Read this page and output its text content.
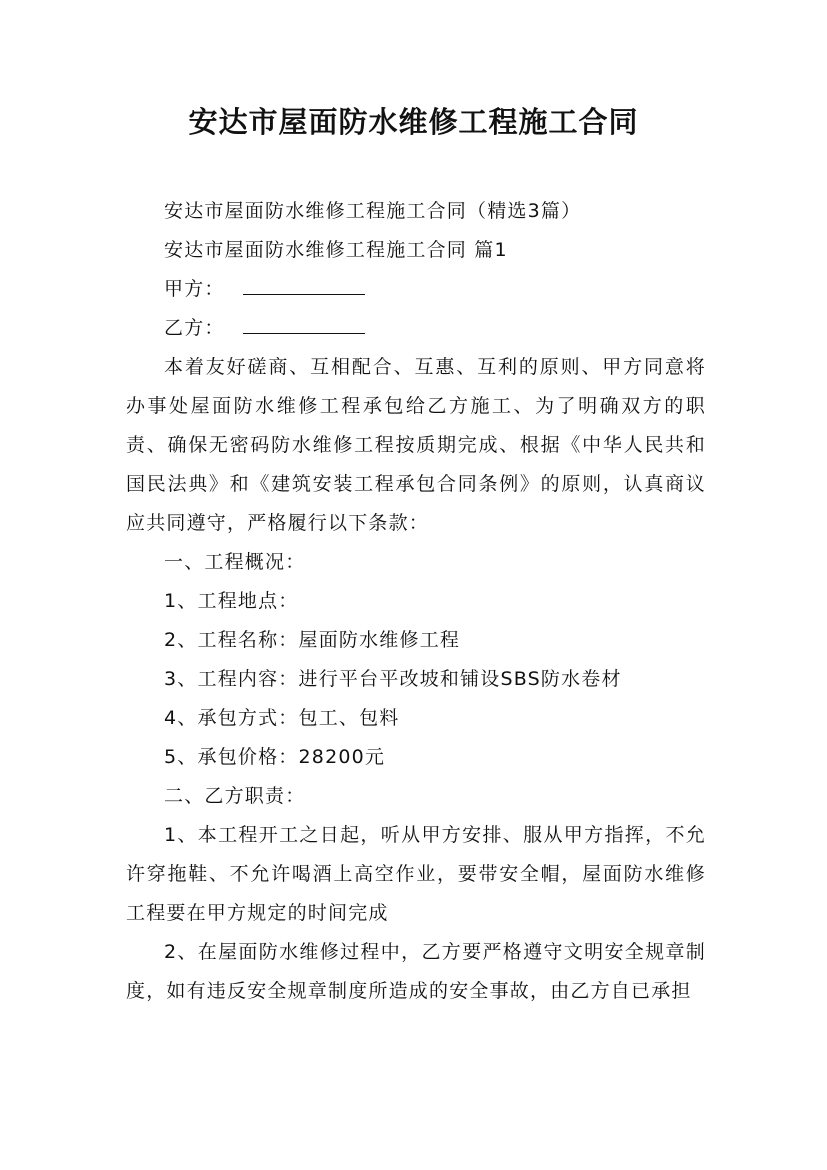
安达市屋面防水维修工程施工合同

安达市屋面防水维修工程施工合同（精选3篇）

安达市屋面防水维修工程施工合同 篇1

甲方：

乙方：

本着友好磋商、互相配合、互惠、互利的原则、甲方同意将办事处屋面防水维修工程承包给乙方施工、为了明确双方的职责、确保无密码防水维修工程按质期完成、根据《中华人民共和国民法典》和《建筑安装工程承包合同条例》的原则，认真商议应共同遵守，严格履行以下条款：

一、工程概况：

1、工程地点：

2、工程名称：屋面防水维修工程

3、工程内容：进行平台平改坡和铺设SBS防水卷材

4、承包方式：包工、包料

5、承包价格：28200元

二、乙方职责：

1、本工程开工之日起，听从甲方安排、服从甲方指挥，不允许穿拖鞋、不允许喝酒上高空作业，要带安全帽，屋面防水维修工程要在甲方规定的时间完成

2、在屋面防水维修过程中，乙方要严格遵守文明安全规章制度，如有违反安全规章制度所造成的安全事故，由乙方自已承担
